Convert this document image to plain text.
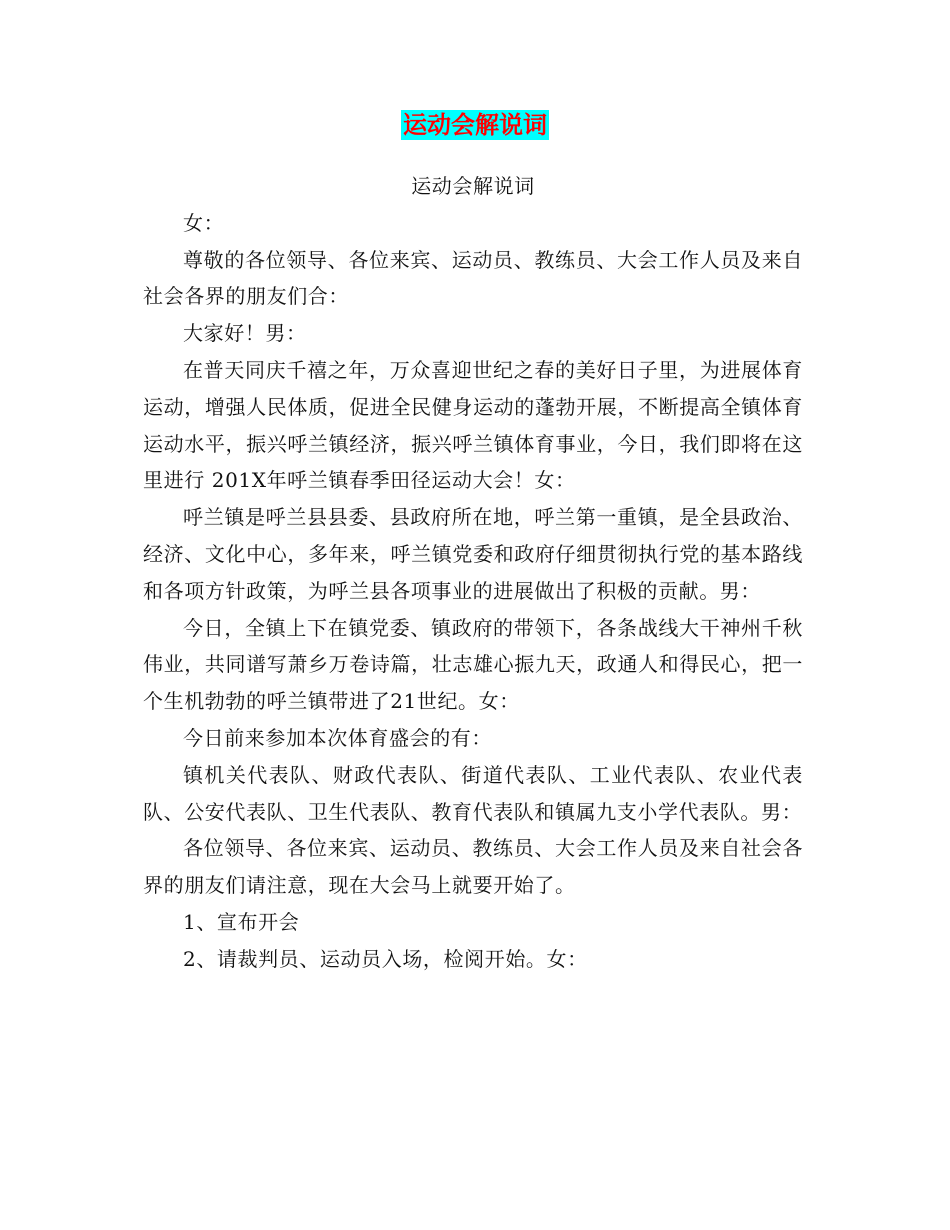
运动会解说词

运动会解说词

女：

尊敬的各位领导、各位来宾、运动员、教练员、大会工作人员及来自社会各界的朋友们合：

大家好！男：

在普天同庆千禧之年，万众喜迎世纪之春的美好日子里，为进展体育运动，增强人民体质，促进全民健身运动的蓬勃开展，不断提高全镇体育运动水平，振兴呼兰镇经济，振兴呼兰镇体育事业，今日，我们即将在这里进行 201X年呼兰镇春季田径运动大会！女：

呼兰镇是呼兰县县委、县政府所在地，呼兰第一重镇，是全县政治、经济、文化中心，多年来，呼兰镇党委和政府仔细贯彻执行党的基本路线和各项方针政策，为呼兰县各项事业的进展做出了积极的贡献。男：

今日，全镇上下在镇党委、镇政府的带领下，各条战线大干神州千秋伟业，共同谱写萧乡万卷诗篇，壮志雄心振九天，政通人和得民心，把一个生机勃勃的呼兰镇带进了21世纪。女：

今日前来参加本次体育盛会的有：

镇机关代表队、财政代表队、街道代表队、工业代表队、农业代表队、公安代表队、卫生代表队、教育代表队和镇属九支小学代表队。男：

各位领导、各位来宾、运动员、教练员、大会工作人员及来自社会各界的朋友们请注意，现在大会马上就要开始了。

1、宣布开会

2、请裁判员、运动员入场，检阅开始。女：
